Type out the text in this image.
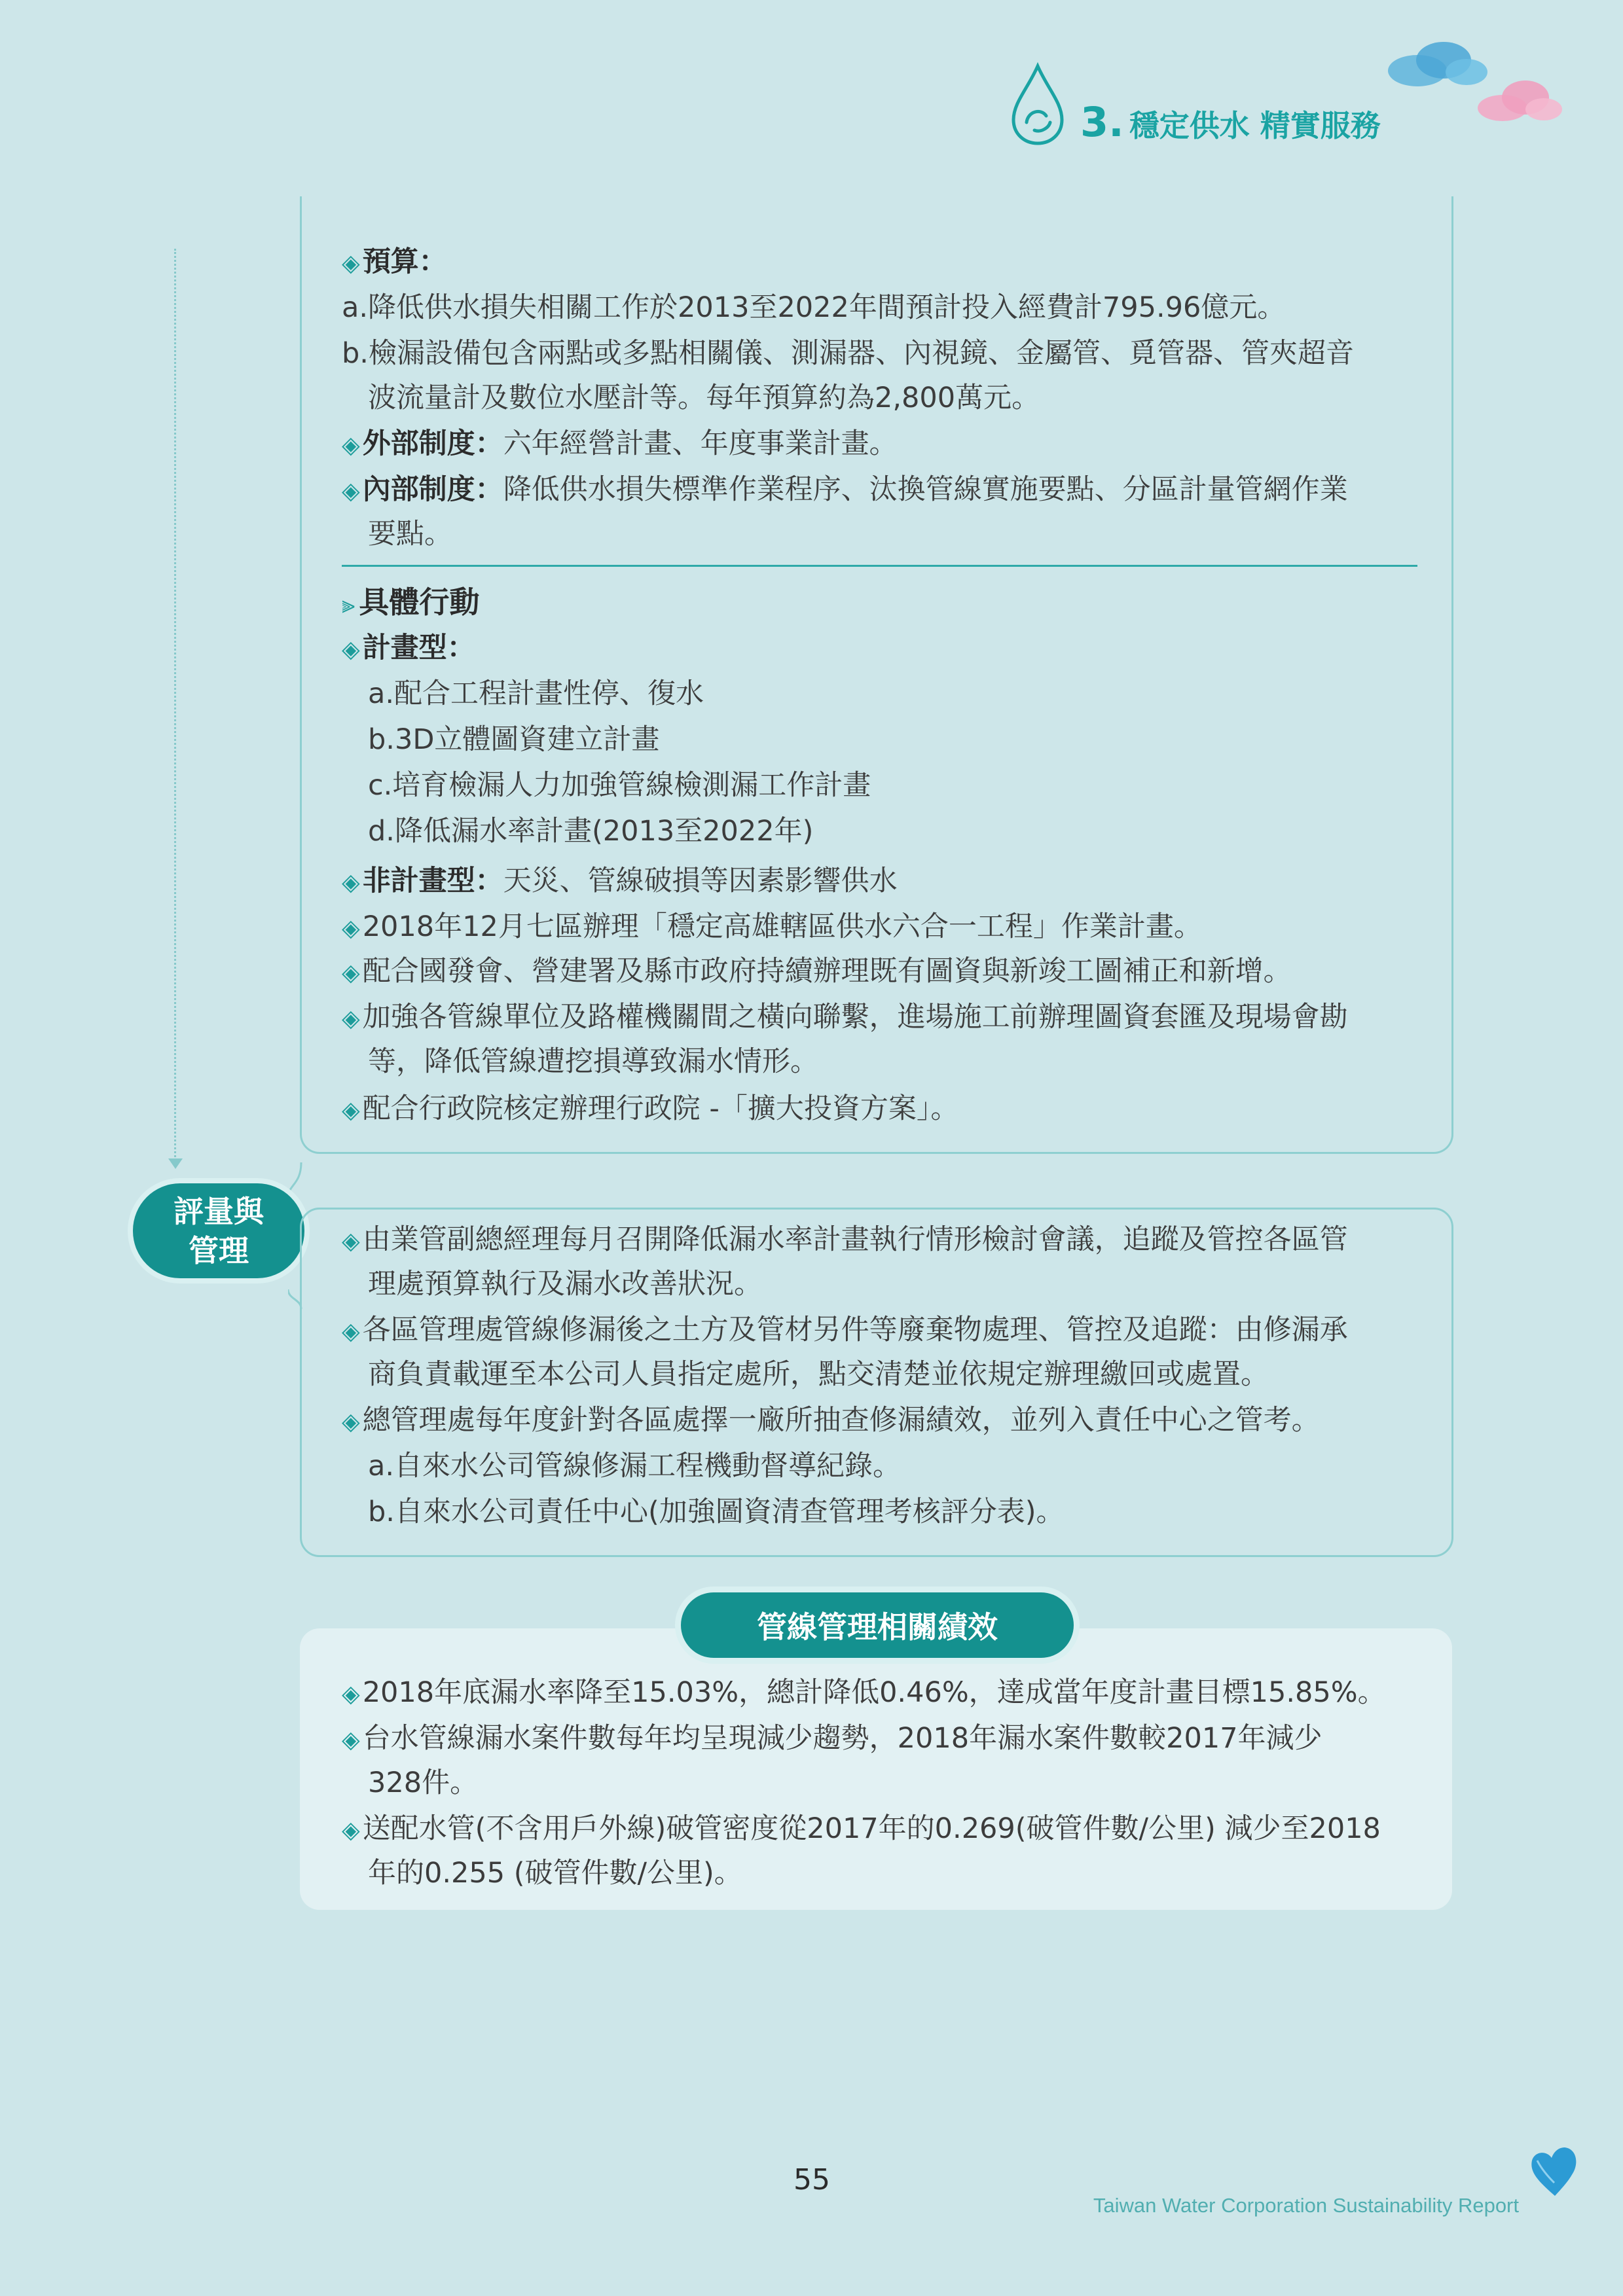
3. 穩定供水 精實服務
◈預算：
a.降低供水損失相關工作於2013至2022年間預計投入經費計795.96億元。
b.檢漏設備包含兩點或多點相關儀、測漏器、內視鏡、金屬管、覓管器、管夾超音
波流量計及數位水壓計等。每年預算約為2,800萬元。
◈外部制度：六年經營計畫、年度事業計畫。
◈內部制度：降低供水損失標準作業程序、汰換管線實施要點、分區計量管網作業
要點。
⫸ 具體行動
◈計畫型：
a.配合工程計畫性停、復水
b.3D立體圖資建立計畫
c.培育檢漏人力加強管線檢測漏工作計畫
d.降低漏水率計畫(2013至2022年)
◈非計畫型：天災、管線破損等因素影響供水
◈2018年12月七區辦理「穩定高雄轄區供水六合一工程」作業計畫。
◈配合國發會、營建署及縣市政府持續辦理既有圖資與新竣工圖補正和新增。
◈加強各管線單位及路權機關間之橫向聯繫，進場施工前辦理圖資套匯及現場會勘
等，降低管線遭挖損導致漏水情形。
◈配合行政院核定辦理行政院 -「擴大投資方案」。
評量與
管理	◈由業管副總經理每月召開降低漏水率計畫執行情形檢討會議，追蹤及管控各區管
理處預算執行及漏水改善狀況。
◈各區管理處管線修漏後之土方及管材另件等廢棄物處理、管控及追蹤：由修漏承
商負責載運至本公司人員指定處所，點交清楚並依規定辦理繳回或處置。
◈總管理處每年度針對各區處擇一廠所抽查修漏績效，並列入責任中心之管考。
a.自來水公司管線修漏工程機動督導紀錄。
b.自來水公司責任中心(加強圖資清查管理考核評分表)。
管線管理相關績效
◈2018年底漏水率降至15.03%，總計降低0.46%，達成當年度計畫目標15.85%。
◈台水管線漏水案件數每年均呈現減少趨勢，2018年漏水案件數較2017年減少
328件。
◈送配水管(不含用戶外線)破管密度從2017年的0.269(破管件數/公里) 減少至2018
年的0.255 (破管件數/公里)。
55
Taiwan Water Corporation Sustainability Report
